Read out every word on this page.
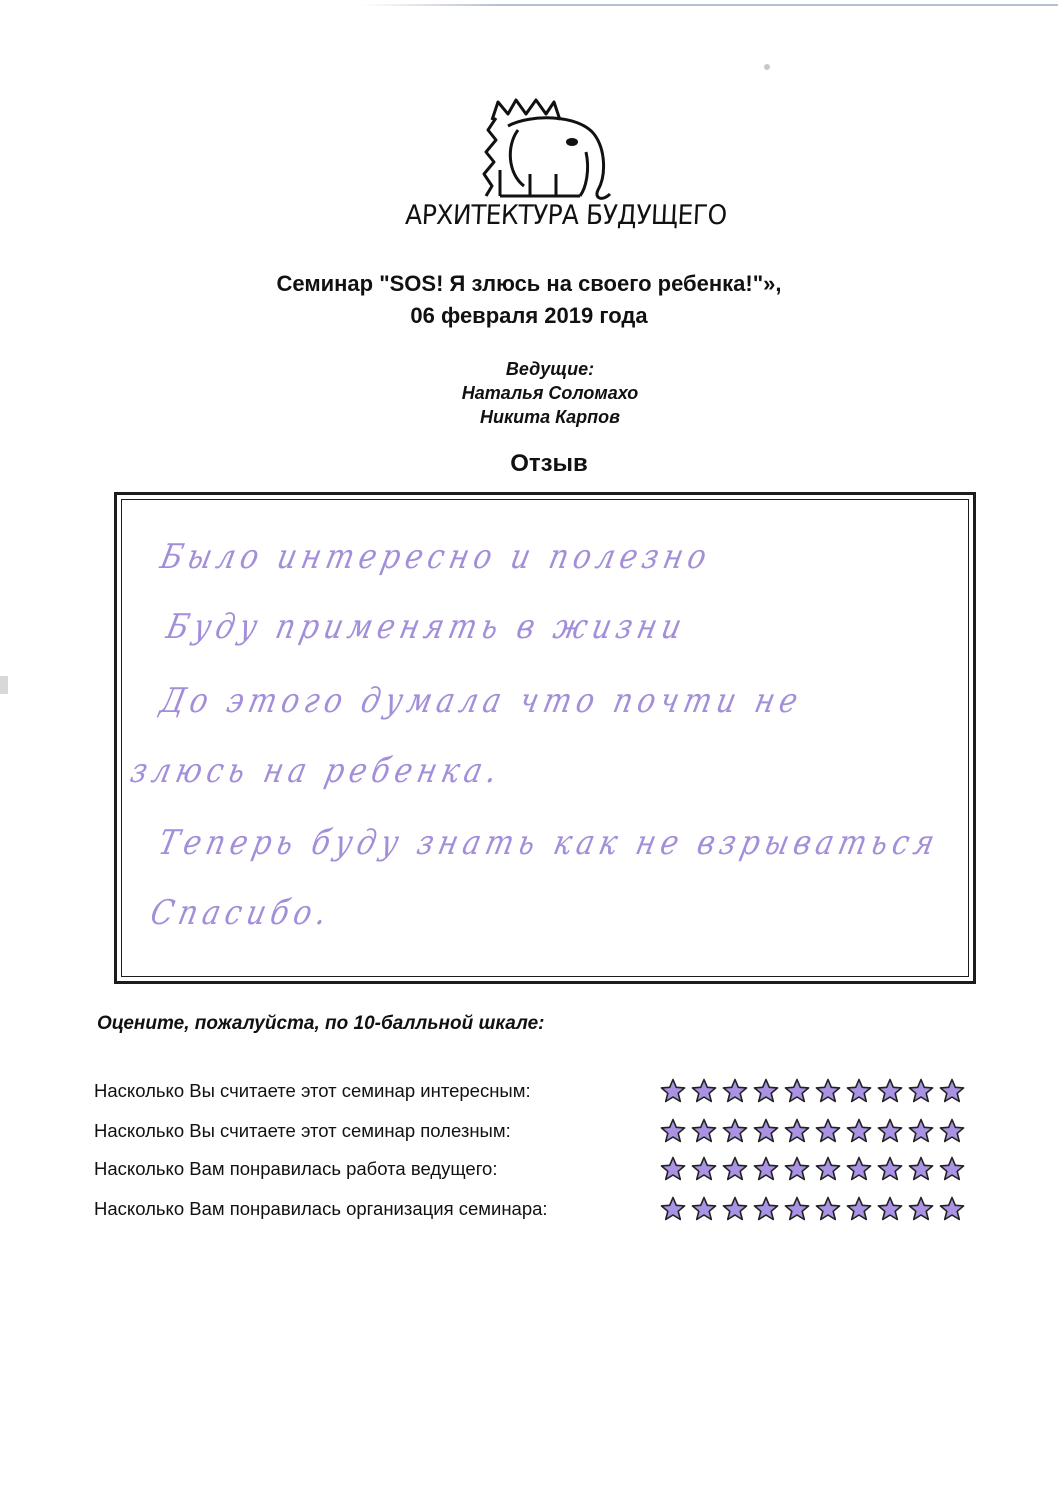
АРХИТЕКТУРА БУДУЩЕГО
Семинар "SOS! Я злюсь на своего ребенка!"»,
06 февраля 2019 года
Ведущие:
Наталья Соломахо
Никита Карпов
Отзыв
Было интересно и полезно
Буду применять в жизни
До этого думала что почти не
злюсь на ребенка.
Теперь буду знать как не взрываться
Спасибо.
Оцените, пожалуйста, по 10-балльной шкале:
Насколько Вы считаете этот семинар интересным:
Насколько Вы считаете этот семинар полезным:
Насколько Вам понравилась работа ведущего:
Насколько Вам понравилась организация семинара:
